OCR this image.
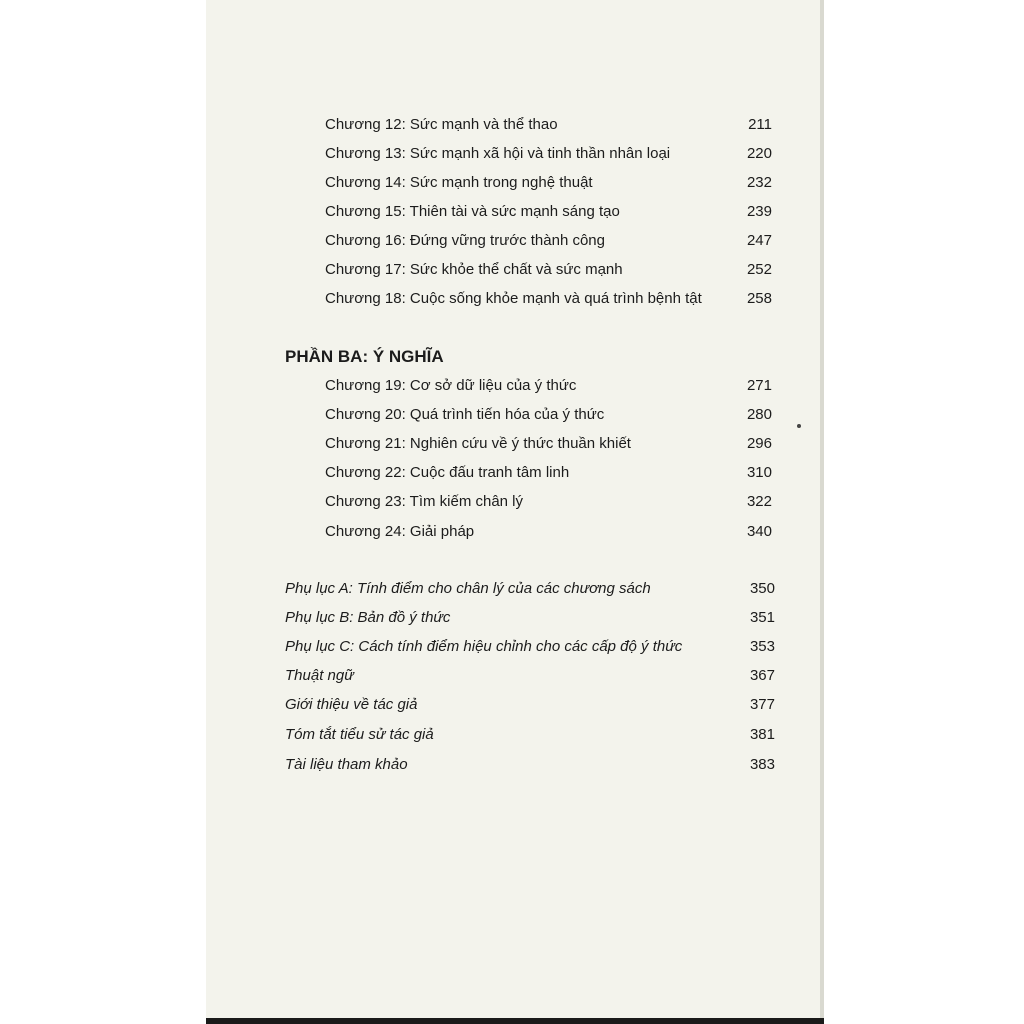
Chương 12: Sức mạnh và thể thao	211
Chương 13: Sức mạnh xã hội và tinh thần nhân loại	220
Chương 14: Sức mạnh trong nghệ thuật	232
Chương 15: Thiên tài và sức mạnh sáng tạo	239
Chương 16: Đứng vững trước thành công	247
Chương 17: Sức khỏe thể chất và sức mạnh	252
Chương 18: Cuộc sống khỏe mạnh và quá trình bệnh tật	258
PHẦN BA: Ý NGHĨA
Chương 19: Cơ sở dữ liệu của ý thức	271
Chương 20: Quá trình tiến hóa của ý thức	280
Chương 21: Nghiên cứu về ý thức thuần khiết	296
Chương 22: Cuộc đấu tranh tâm linh	310
Chương 23: Tìm kiếm chân lý	322
Chương 24: Giải pháp	340
Phụ lục A: Tính điểm cho chân lý của các chương sách	350
Phụ lục B: Bản đồ ý thức	351
Phụ lục C: Cách tính điểm hiệu chỉnh cho các cấp độ ý thức	353
Thuật ngữ	367
Giới thiệu về tác giả	377
Tóm tắt tiểu sử tác giả	381
Tài liệu tham khảo	383
